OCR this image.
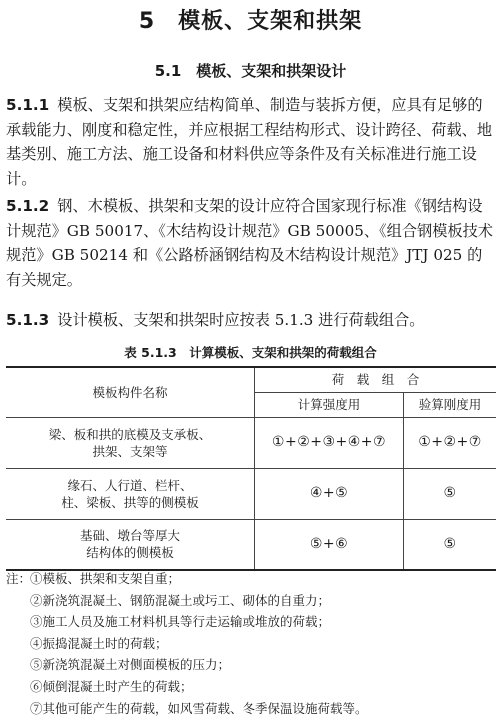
5　模板、支架和拱架
5.1　模板、支架和拱架设计
5.1.1 模板、支架和拱架应结构简单、制造与装拆方便，应具有足够的承载能力、刚度和稳定性，并应根据工程结构形式、设计跨径、荷载、地基类别、施工方法、施工设备和材料供应等条件及有关标准进行施工设计。
5.1.2 钢、木模板、拱架和支架的设计应符合国家现行标准《钢结构设计规范》GB 50017、《木结构设计规范》GB 50005、《组合钢模板技术规范》GB 50214 和《公路桥涵钢结构及木结构设计规范》JTJ 025 的有关规定。
5.1.3 设计模板、支架和拱架时应按表 5.1.3 进行荷载组合。
表 5.1.3　计算模板、支架和拱架的荷载组合
模板构件名称	荷　载　组　合	
	计算强度用	验算刚度用

梁、板和拱的底模及支承板、
拱架、支架等	①+②+③+④+⑦	①+②+⑦

缘石、人行道、栏杆、
柱、梁板、拱等的侧模板	④+⑤	⑤

基础、墩台等厚大
结构体的侧模板	⑤+⑥	⑤
注：①模板、拱架和支架自重；
②新浇筑混凝土、钢筋混凝土或圬工、砌体的自重力；
③施工人员及施工材料机具等行走运输或堆放的荷载；
④振捣混凝土时的荷载；
⑤新浇筑混凝土对侧面模板的压力；
⑥倾倒混凝土时产生的荷载；
⑦其他可能产生的荷载，如风雪荷载、冬季保温设施荷载等。
